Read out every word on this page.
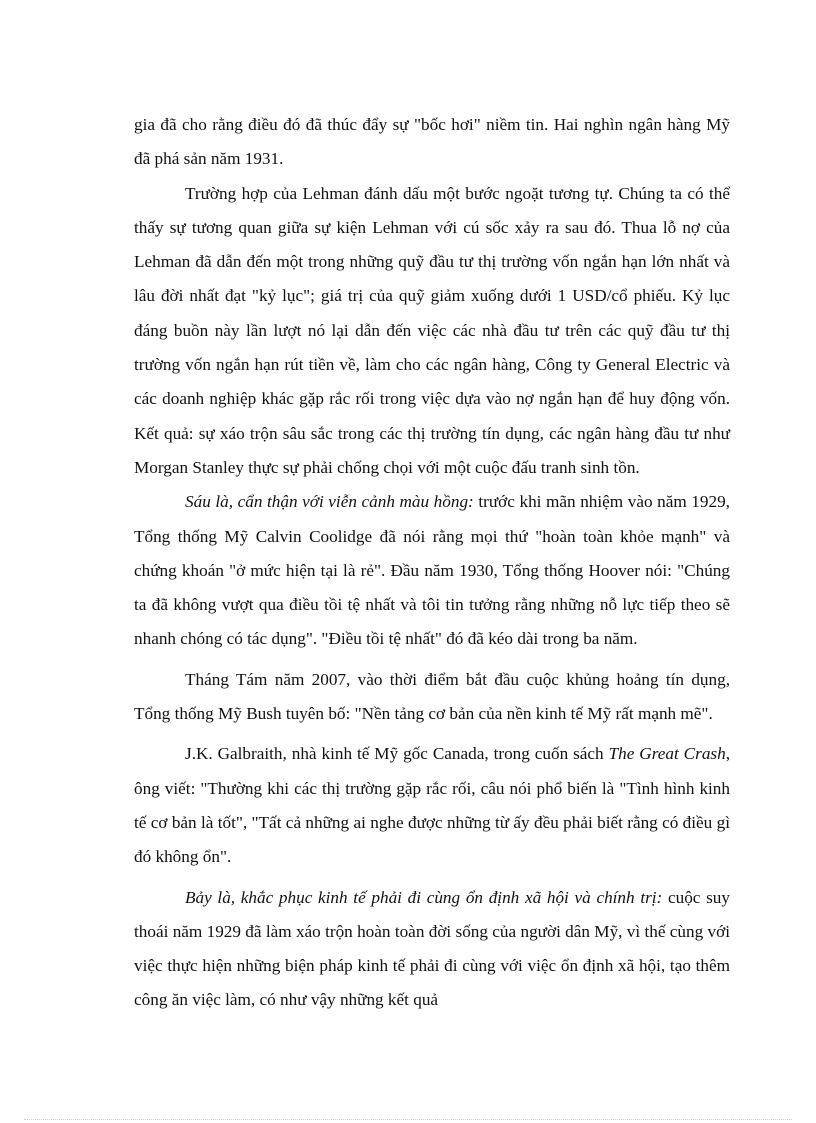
gia đã cho rằng điều đó đã thúc đẩy sự "bốc hơi" niềm tin. Hai nghìn ngân hàng Mỹ đã phá sản năm 1931.

Trường hợp của Lehman đánh dấu một bước ngoặt tương tự. Chúng ta có thể thấy sự tương quan giữa sự kiện Lehman với cú sốc xảy ra sau đó. Thua lỗ nợ của Lehman đã dẫn đến một trong những quỹ đầu tư thị trường vốn ngắn hạn lớn nhất và lâu đời nhất đạt "kỷ lục"; giá trị của quỹ giảm xuống dưới 1 USD/cổ phiếu. Kỷ lục đáng buồn này lần lượt nó lại dẫn đến việc các nhà đầu tư trên các quỹ đầu tư thị trường vốn ngắn hạn rút tiền về, làm cho các ngân hàng, Công ty General Electric và các doanh nghiệp khác gặp rắc rối trong việc dựa vào nợ ngắn hạn để huy động vốn. Kết quả: sự xáo trộn sâu sắc trong các thị trường tín dụng, các ngân hàng đầu tư như Morgan Stanley thực sự phải chống chọi với một cuộc đấu tranh sinh tồn.

Sáu là, cẩn thận với viễn cảnh màu hồng: trước khi mãn nhiệm vào năm 1929, Tổng thống Mỹ Calvin Coolidge đã nói rằng mọi thứ "hoàn toàn khỏe mạnh" và chứng khoán "ở mức hiện tại là rẻ". Đầu năm 1930, Tổng thống Hoover nói: "Chúng ta đã không vượt qua điều tồi tệ nhất và tôi tin tưởng rằng những nỗ lực tiếp theo sẽ nhanh chóng có tác dụng". "Điều tồi tệ nhất" đó đã kéo dài trong ba năm.

Tháng Tám năm 2007, vào thời điểm bắt đầu cuộc khủng hoảng tín dụng, Tổng thống Mỹ Bush tuyên bố: "Nền tảng cơ bản của nền kinh tế Mỹ rất mạnh mẽ".

J.K. Galbraith, nhà kinh tế Mỹ gốc Canada, trong cuốn sách The Great Crash, ông viết: "Thường khi các thị trường gặp rắc rối, câu nói phổ biến là "Tình hình kinh tế cơ bản là tốt", "Tất cả những ai nghe được những từ ấy đều phải biết rằng có điều gì đó không ổn".

Bảy là, khắc phục kinh tế phải đi cùng ổn định xã hội và chính trị: cuộc suy thoái năm 1929 đã làm xáo trộn hoàn toàn đời sống của người dân Mỹ, vì thế cùng với việc thực hiện những biện pháp kinh tế phải đi cùng với việc ổn định xã hội, tạo thêm công ăn việc làm, có như vậy những kết quả
